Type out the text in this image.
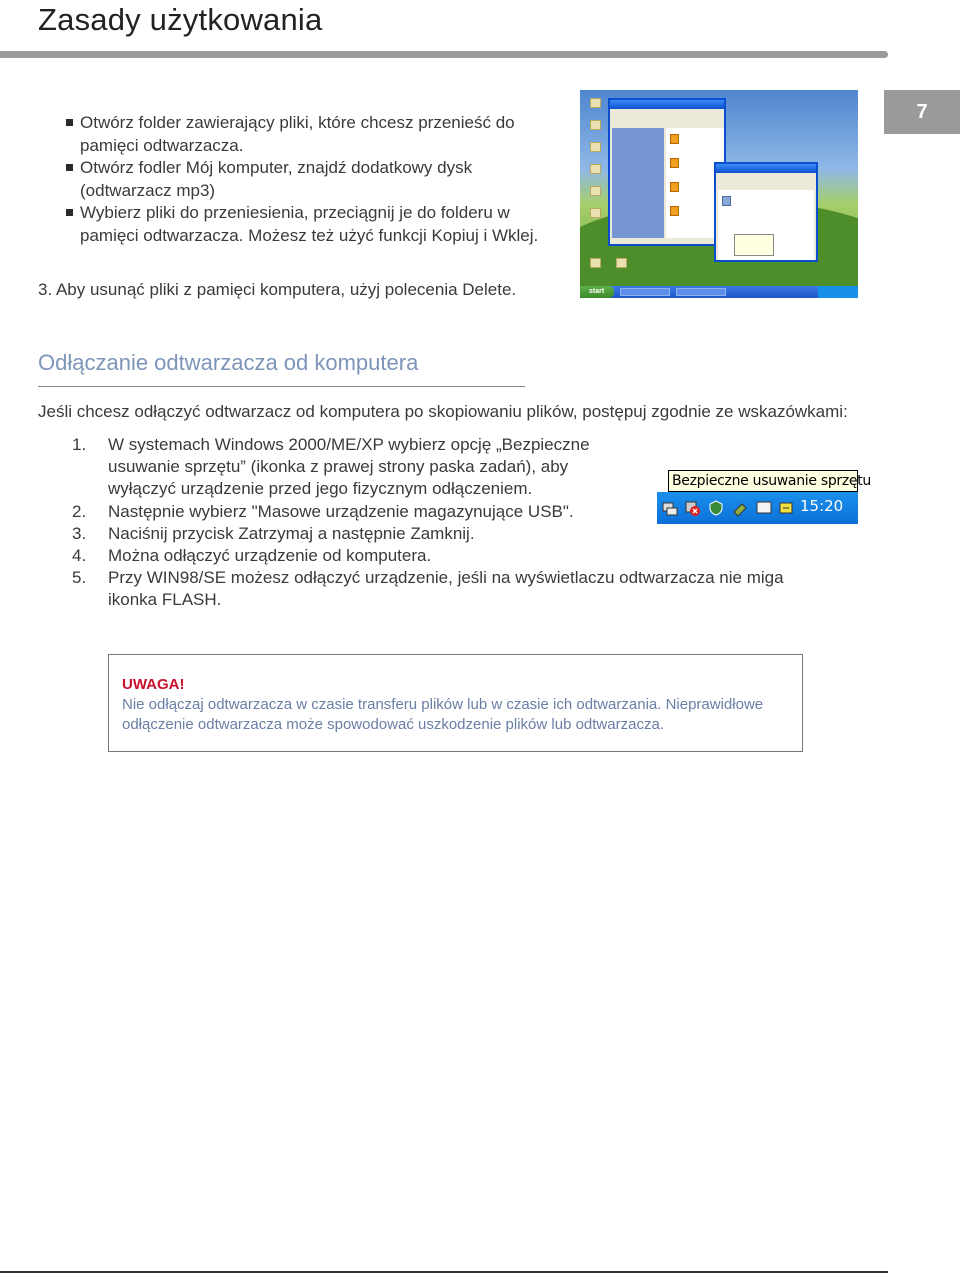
Zasady użytkowania
7
Otwórz folder zawierający pliki, które chcesz przenieść do pamięci odtwarzacza.
Otwórz fodler Mój komputer, znajdź dodatkowy dysk (odtwarzacz mp3)
Wybierz pliki do przeniesienia, przeciągnij je do folderu w pamięci odtwarzacza. Możesz też użyć funkcji Kopiuj i Wklej.
3. Aby usunąć pliki z pamięci komputera, użyj polecenia Delete.	start
Odłączanie odtwarzacza od komputera
Jeśli chcesz odłączyć odtwarzacz od komputera po skopiowaniu plików, postępuj zgodnie ze wskazówkami:
1.	W systemach Windows 2000/ME/XP wybierz opcję „Bezpieczne usuwanie sprzętu” (ikonka z prawej strony paska zadań), aby wyłączyć urządzenie przed jego fizycznym odłączeniem.
2.	Następnie wybierz "Masowe urządzenie magazynujące USB".
3.	Naciśnij przycisk Zatrzymaj a następnie Zamknij.
4.	Można odłączyć urządzenie od komputera.
5.	Przy WIN98/SE możesz odłączyć urządzenie, jeśli na wyświetlaczu odtwarzacza nie miga ikonka FLASH.
Bezpieczne usuwanie sprzętu
15:20
UWAGA!
Nie odłączaj odtwarzacza w czasie transferu plików lub w czasie ich odtwarzania. Nieprawidłowe odłączenie odtwarzacza może spowodować uszkodzenie plików lub odtwarzacza.
